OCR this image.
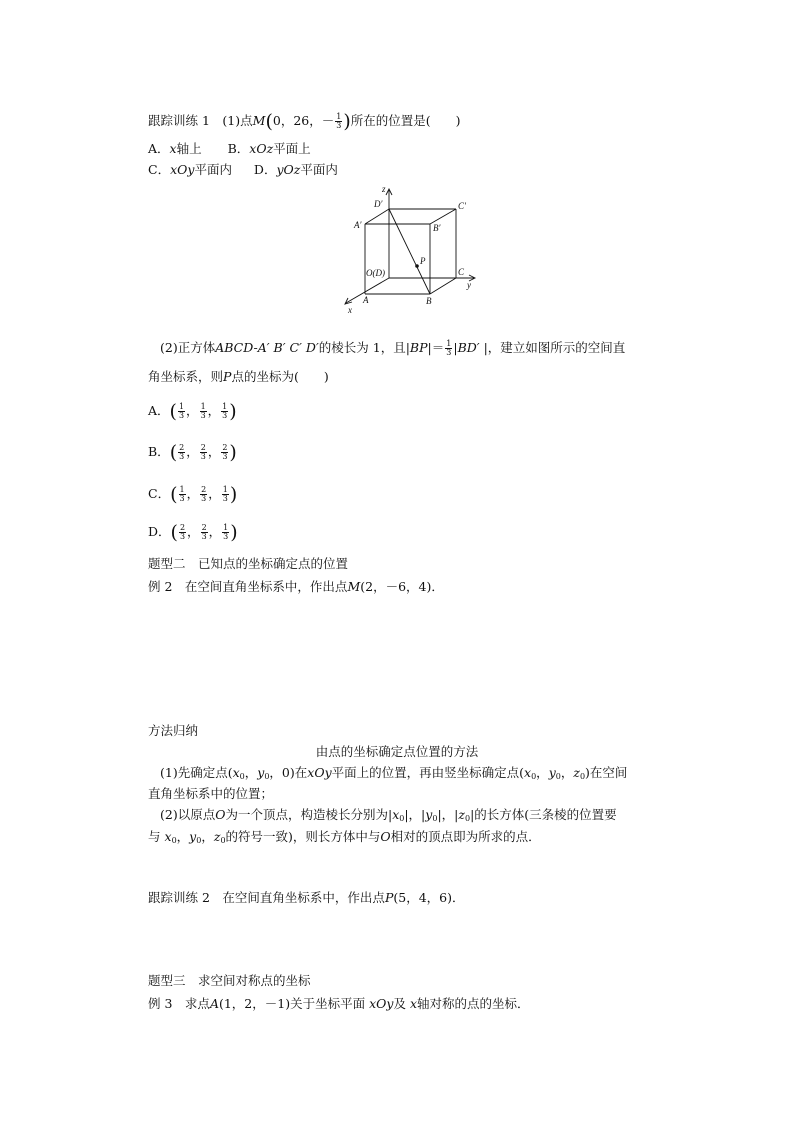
跟踪训练 1　(1)点M(0，26，－ $\frac{1}{3}$ )所在的位置是(　　)
A．x轴上 B．xOz平面上
C．xOy平面内 D．yOz平面内
z
D′	C′
A′	B′
P
O(D)	C
A	B
y
x
(2)正方体ABCD-A′ B′ C′ D′的棱长为 1，且$|BP|= \frac{1}{3} |BD'$ |，建立如图所示的空间直
角坐标系，则P点的坐标为(　　)
A．( $\frac{1}{3}$ ， $\frac{1}{3}$ ， $\frac{1}{3}$ )
B．( $\frac{2}{3}$ ， $\frac{2}{3}$ ， $\frac{2}{3}$ )
C．( $\frac{1}{3}$ ， $\frac{2}{3}$ ， $\frac{1}{3}$ )
D．( $\frac{2}{3}$ ， $\frac{2}{3}$ ， $\frac{1}{3}$ )
题型二　已知点的坐标确定点的位置
例 2　在空间直角坐标系中，作出点M(2，－6，4)．
方法归纳
由点的坐标确定点位置的方法
(1)先确定点($x_0$，$y_0$，0)在xOy平面上的位置，再由竖坐标确定点($x_0$，$y_0$，$z_0$)在空间
直角坐标系中的位置；
(2)以原点O为一个顶点，构造棱长分别为$|x_0|$，$|y_0|$，$|z_0|$的长方体(三条棱的位置要
与 $x_0$，$y_0$，$z_0$的符号一致)，则长方体中与O相对的顶点即为所求的点．
跟踪训练 2　在空间直角坐标系中，作出点P(5，4，6)．
题型三　求空间对称点的坐标
例 3　求点A(1，2，－1)关于坐标平面 xOy及 x轴对称的点的坐标．
